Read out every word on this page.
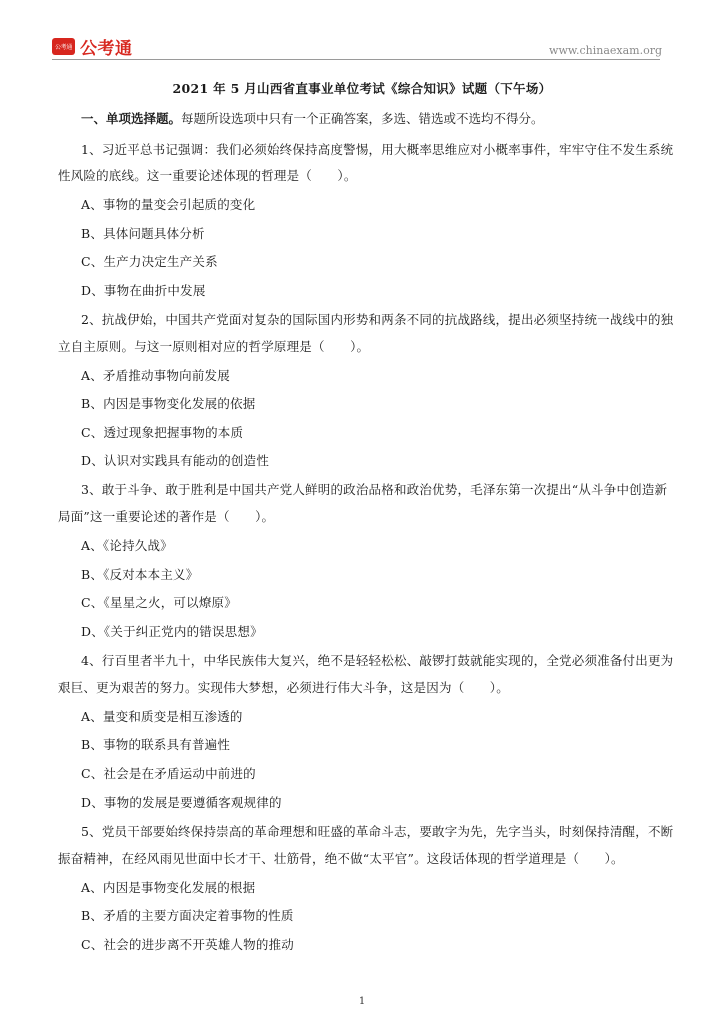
公考通 公考通	www.chinaexam.org
2021 年 5 月山西省直事业单位考试《综合知识》试题（下午场）
一、单项选择题。每题所设选项中只有一个正确答案，多选、错选或不选均不得分。
1、习近平总书记强调：我们必须始终保持高度警惕，用大概率思维应对小概率事件，牢牢守住不发生系统
性风险的底线。这一重要论述体现的哲理是（　　）。
A、事物的量变会引起质的变化
B、具体问题具体分析
C、生产力决定生产关系
D、事物在曲折中发展
2、抗战伊始，中国共产党面对复杂的国际国内形势和两条不同的抗战路线，提出必须坚持统一战线中的独
立自主原则。与这一原则相对应的哲学原理是（　　）。
A、矛盾推动事物向前发展
B、内因是事物变化发展的依据
C、透过现象把握事物的本质
D、认识对实践具有能动的创造性
3、敢于斗争、敢于胜利是中国共产党人鲜明的政治品格和政治优势，毛泽东第一次提出“从斗争中创造新
局面”这一重要论述的著作是（　　）。
A、《论持久战》
B、《反对本本主义》
C、《星星之火，可以燎原》
D、《关于纠正党内的错误思想》
4、行百里者半九十，中华民族伟大复兴，绝不是轻轻松松、敲锣打鼓就能实现的，全党必须准备付出更为
艰巨、更为艰苦的努力。实现伟大梦想，必须进行伟大斗争，这是因为（　　）。
A、量变和质变是相互渗透的
B、事物的联系具有普遍性
C、社会是在矛盾运动中前进的
D、事物的发展是要遵循客观规律的
5、党员干部要始终保持崇高的革命理想和旺盛的革命斗志，要敢字为先，先字当头，时刻保持清醒，不断
振奋精神，在经风雨见世面中长才干、壮筋骨，绝不做“太平官”。这段话体现的哲学道理是（　　）。
A、内因是事物变化发展的根据
B、矛盾的主要方面决定着事物的性质
C、社会的进步离不开英雄人物的推动
1
